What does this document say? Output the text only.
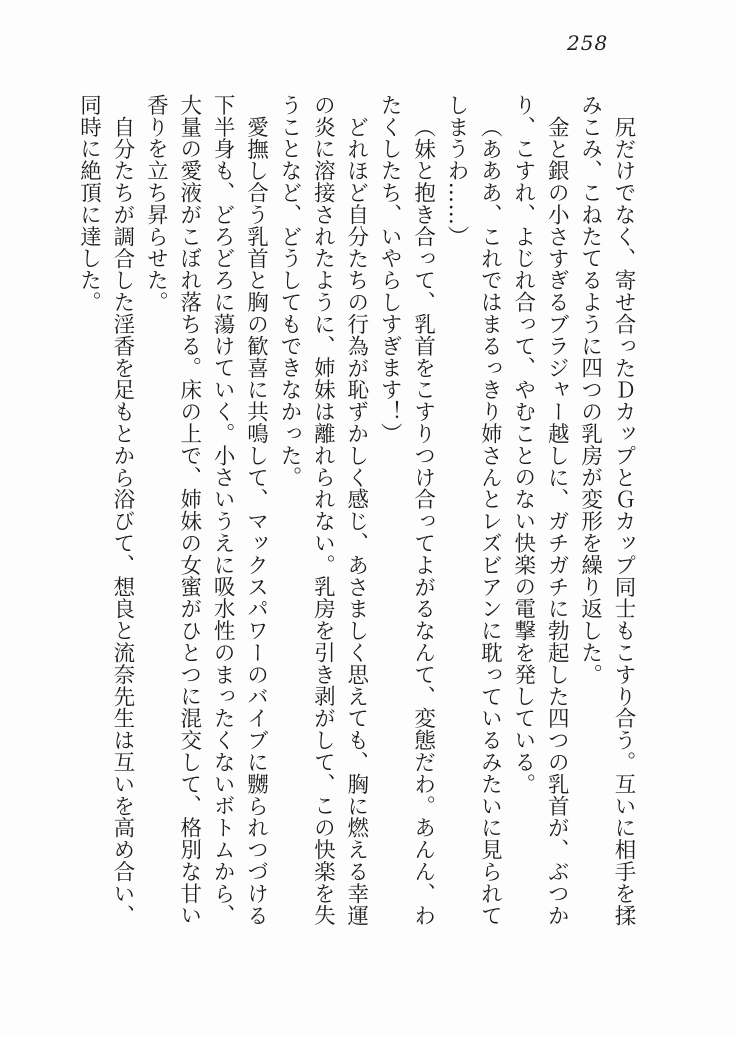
258

尻だけでなく、寄せ合ったＤカップとＧカップ同士もこすり合う。互いに相手を揉みこみ、こねたてるように四つの乳房が変形を繰り返した。

金と銀の小さすぎるブラジャー越しに、ガチガチに勃起した四つの乳首が、ぶつかり、こすれ、よじれ合って、やむことのない快楽の電撃を発している。

（あああ、これではまるっきり姉さんとレズビアンに耽っているみたいに見られてしまうわ……）

（妹と抱き合って、乳首をこすりつけ合ってよがるなんて、変態だわ。あんん、わたくしたち、いやらしすぎます！）

どれほど自分たちの行為が恥ずかしく感じ、あさましく思えても、胸に燃える幸運の炎に溶接されたように、姉妹は離れられない。乳房を引き剥がして、この快楽を失うことなど、どうしてもできなかった。

愛撫し合う乳首と胸の歓喜に共鳴して、マックスパワーのバイブに嬲られつづける下半身も、どろどろに蕩けていく。小さいうえに吸水性のまったくないボトムから、大量の愛液がこぼれ落ちる。床の上で、姉妹の女蜜がひとつに混交して、格別な甘い香りを立ち昇らせた。

自分たちが調合した淫香を足もとから浴びて、想良と流奈先生は互いを高め合い、同時に絶頂に達した。
